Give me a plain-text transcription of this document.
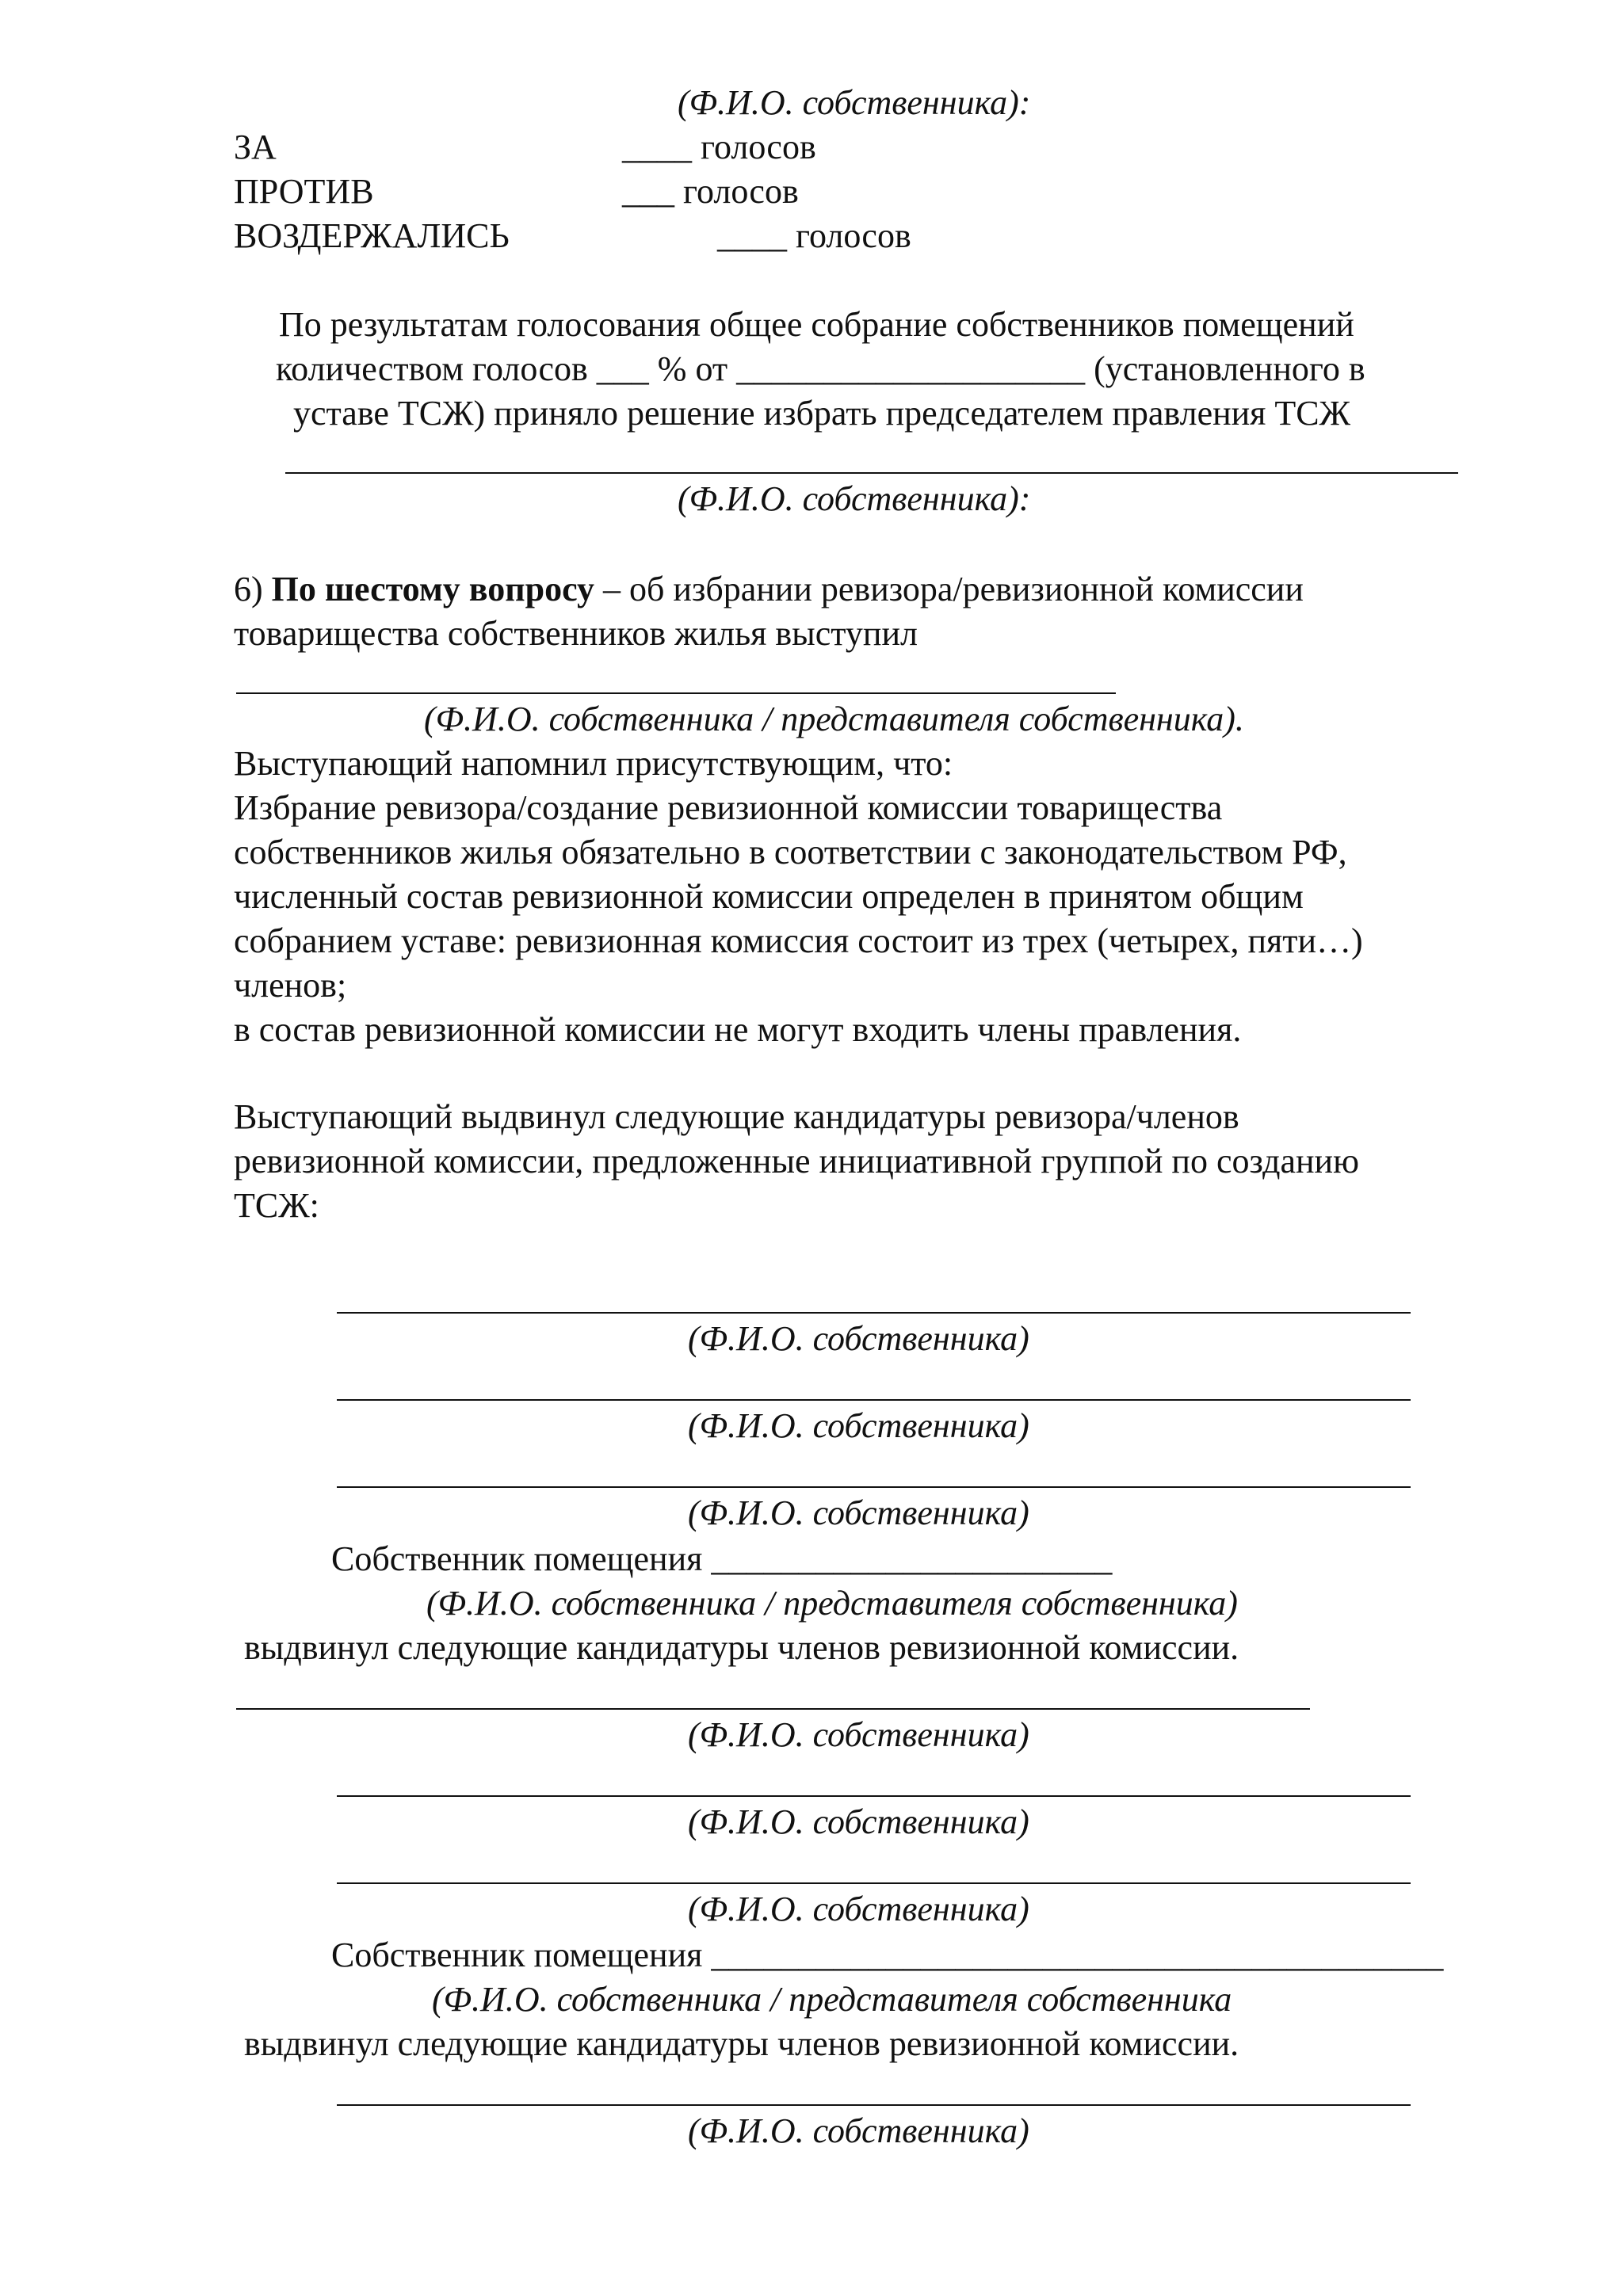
(Ф.И.О. собственника):
ЗА	____ голосов
ПРОТИВ	___ голосов
ВОЗДЕРЖАЛИСЬ	____ голосов
По результатам голосования общее собрание собственников помещений
количеством голосов ___ % от ____________________ (установленного в
уставе ТСЖ) приняло решение избрать председателем правления ТСЖ
(Ф.И.О. собственника):
6) По шестому вопросу – об избрании ревизора/ревизионной комиссии
товарищества собственников жилья выступил
(Ф.И.О. собственника / представителя собственника).
Выступающий напомнил присутствующим, что:
Избрание ревизора/создание ревизионной комиссии товарищества
собственников жилья обязательно в соответствии с законодательством РФ,
численный состав ревизионной комиссии определен в принятом общим
собранием уставе: ревизионная комиссия состоит из трех (четырех, пяти…)
членов;
в состав ревизионной комиссии не могут входить члены правления.
Выступающий выдвинул следующие кандидатуры ревизора/членов
ревизионной комиссии, предложенные инициативной группой по созданию
ТСЖ:
(Ф.И.О. собственника)
(Ф.И.О. собственника)
(Ф.И.О. собственника)
Собственник помещения _______________________
(Ф.И.О. собственника / представителя собственника)
выдвинул следующие кандидатуры членов ревизионной комиссии.
(Ф.И.О. собственника)
(Ф.И.О. собственника)
(Ф.И.О. собственника)
Собственник помещения __________________________________________
(Ф.И.О. собственника / представителя собственника
выдвинул следующие кандидатуры членов ревизионной комиссии.
(Ф.И.О. собственника)
